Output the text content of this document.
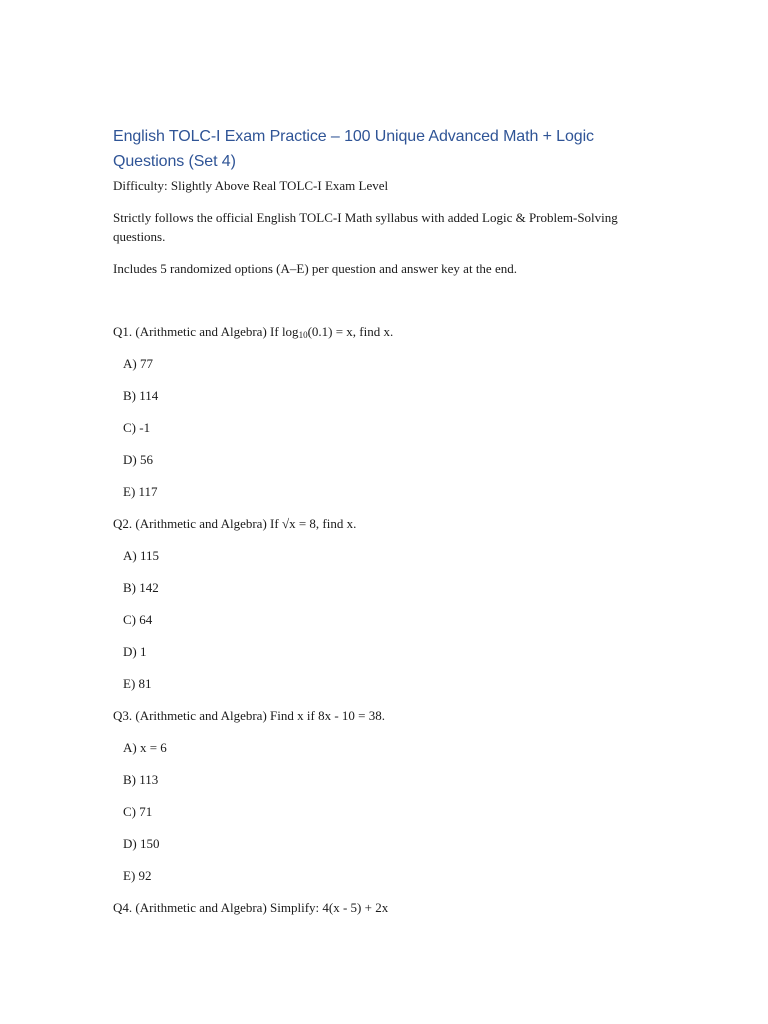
English TOLC-I Exam Practice – 100 Unique Advanced Math + Logic Questions (Set 4)

Difficulty: Slightly Above Real TOLC-I Exam Level

Strictly follows the official English TOLC-I Math syllabus with added Logic & Problem-Solving questions.

Includes 5 randomized options (A–E) per question and answer key at the end.

Q1. (Arithmetic and Algebra) If $\log_{10}(0.1) = x$, find x.

A) 77

B) 114

C) -1

D) 56

E) 117

Q2. (Arithmetic and Algebra) If √x = 8, find x.

A) 115

B) 142

C) 64

D) 1

E) 81

Q3. (Arithmetic and Algebra) Find x if 8x - 10 = 38.

A) x = 6

B) 113

C) 71

D) 150

E) 92

Q4. (Arithmetic and Algebra) Simplify: 4(x - 5) + 2x
